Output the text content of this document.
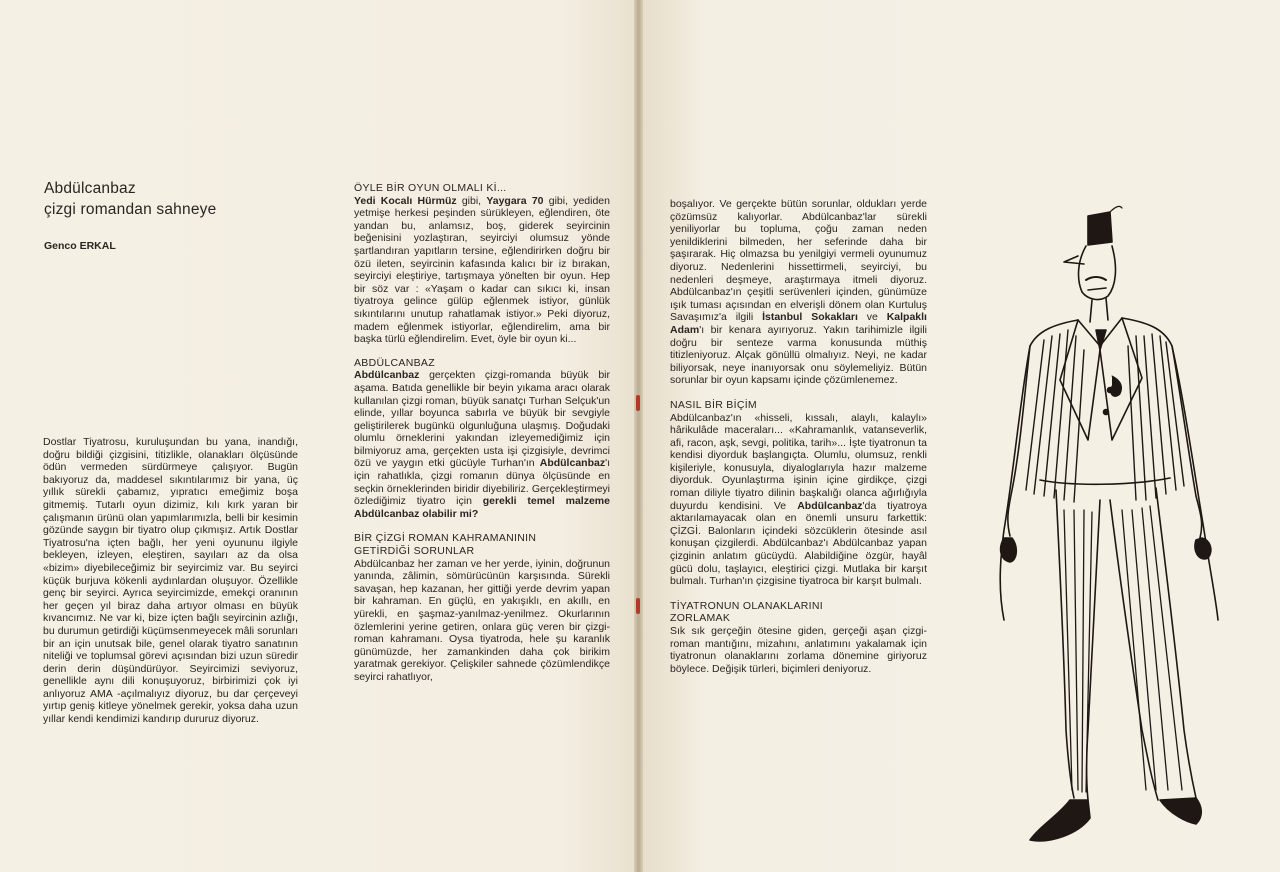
Abdülcanbaz
çizgi romandan sahneye
Genco ERKAL

Dostlar Tiyatrosu, kuruluşundan bu yana, inandığı, doğru bildiği çizgisini, titizlikle, olanakları ölçüsünde ödün vermeden sürdürmeye çalışıyor. Bugün bakıyoruz da, maddesel sıkıntılarımız bir yana, üç yıllık sürekli çabamız, yıpratıcı emeğimiz boşa gitmemiş. Tutarlı oyun dizimiz, kılı kırk yaran bir çalışmanın ürünü olan yapımlarımızla, belli bir kesimin gözünde saygın bir tiyatro olup çıkmışız. Artık Dostlar Tiyatrosu'na içten bağlı, her yeni oyununu ilgiyle bekleyen, izleyen, eleştiren, sayıları az da olsa «bizim» diyebileceğimiz bir seyircimiz var. Bu seyirci küçük burjuva kökenli aydınlardan oluşuyor. Özellikle genç bir seyirci. Ayrıca seyircimizde, emekçi oranının her geçen yıl biraz daha artıyor olması en büyük kıvancımız. Ne var ki, bize içten bağlı seyircinin azlığı, bu durumun getirdiği küçümsenmeyecek mâli sorunları bir an için unutsak bile, genel olarak tiyatro sanatının niteliği ve toplumsal görevi açısından bizi uzun süredir derin derin düşündürüyor. Seyircimizi seviyoruz, genellikle aynı dili konuşuyoruz, birbirimizi çok iyi anlıyoruz AMA -açılmalıyız diyoruz, bu dar çerçeveyi yırtıp geniş kitleye yönelmek gerekir, yoksa daha uzun yıllar kendi kendimizi kandırıp dururuz diyoruz.

ÖYLE BİR OYUN OLMALI Kİ...

Yedi Kocalı Hürmüz gibi, Yaygara 70 gibi, yediden yetmişe herkesi peşinden sürükleyen, eğlendiren, öte yandan bu, anlamsız, boş, giderek seyircinin beğenisini yozlaştıran, seyirciyi olumsuz yönde şartlandıran yapıtların tersine, eğlendirirken doğru bir özü ileten, seyircinin kafasında kalıcı bir iz bırakan, seyirciyi eleştiriye, tartışmaya yönelten bir oyun. Hep bir söz var : «Yaşam o kadar can sıkıcı ki, insan tiyatroya gelince gülüp eğlenmek istiyor, günlük sıkıntılarını unutup rahatlamak istiyor.» Peki diyoruz, madem eğlenmek istiyorlar, eğlendirelim, ama bir başka türlü eğlendirelim. Evet, öyle bir oyun ki...

ABDÜLCANBAZ

Abdülcanbaz gerçekten çizgi-romanda büyük bir aşama. Batıda genellikle bir beyin yıkama aracı olarak kullanılan çizgi roman, büyük sanatçı Turhan Selçuk'un elinde, yıllar boyunca sabırla ve büyük bir sevgiyle geliştirilerek bugünkü olgunluğuna ulaşmış. Doğudaki olumlu örneklerini yakından izleyemediğimiz için bilmiyoruz ama, gerçekten usta işi çizgisiyle, devrimci özü ve yaygın etki gücüyle Turhan'ın Abdülcanbaz'ı için rahatlıkla, çizgi romanın dünya ölçüsünde en seçkin örneklerinden biridir diyebiliriz. Gerçekleştirmeyi özlediğimiz tiyatro için gerekli temel malzeme Abdülcanbaz olabilir mi?

BİR ÇİZGİ ROMAN KAHRAMANININ
GETİRDİĞİ SORUNLAR

Abdülcanbaz her zaman ve her yerde, iyinin, doğrunun yanında, zâlimin, sömürücünün karşısında. Sürekli savaşan, hep kazanan, her gittiği yerde devrim yapan bir kahraman. En güçlü, en yakışıklı, en akıllı, en yürekli, en şaşmaz-yanılmaz-yenilmez. Okurlarının özlemlerini yerine getiren, onlara güç veren bir çizgi-roman kahramanı. Oysa tiyatroda, hele şu karanlık günümüzde, her zamankinden daha çok birikim yaratmak gerekiyor. Çelişkiler sahnede çözümlendikçe seyirci rahatlıyor,

boşalıyor. Ve gerçekte bütün sorunlar, oldukları yerde çözümsüz kalıyorlar. Abdülcanbaz'lar sürekli yeniliyorlar bu topluma, çoğu zaman neden yenildiklerini bilmeden, her seferinde daha bir şaşırarak. Hiç olmazsa bu yenilgiyi vermeli oyunumuz diyoruz. Nedenlerini hissettirmeli, seyirciyi, bu nedenleri deşmeye, araştırmaya itmeli diyoruz. Abdülcanbaz'ın çeşitli serüvenleri içinden, günümüze ışık tuması açısından en elverişli dönem olan Kurtuluş Savaşımız'a ilgili İstanbul Sokakları ve Kalpaklı Adam'ı bir kenara ayırıyoruz. Yakın tarihimizle ilgili doğru bir senteze varma konusunda müthiş titizleniyoruz. Alçak gönüllü olmalıyız. Neyi, ne kadar biliyorsak, neye inanıyorsak onu söylemeliyiz. Bütün sorunlar bir oyun kapsamı içinde çözümlenemez.

NASIL BİR BİÇİM

Abdülcanbaz'ın «hisseli, kıssalı, alaylı, kalaylı» hârikulâde maceraları... «Kahramanlık, vatanseverlik, afi, racon, aşk, sevgi, politika, tarih»... İşte tiyatronun ta kendisi diyorduk başlangıçta. Olumlu, olumsuz, renkli kişileriyle, konusuyla, diyaloglarıyla hazır malzeme diyorduk. Oyunlaştırma işinin içine girdikçe, çizgi roman diliyle tiyatro dilinin başkalığı olanca ağırlığıyla duyurdu kendisini. Ve Abdülcanbaz'da tiyatroya aktarılamayacak olan en önemli unsuru farkettik: ÇİZGİ. Balonların içindeki sözcüklerin ötesinde asıl konuşan çizgilerdi. Abdülcanbaz'ı Abdülcanbaz yapan çizginin anlatım gücüydü. Alabildiğine özgür, hayâl gücü dolu, taşlayıcı, eleştirici çizgi. Mutlaka bir karşıt bulmalı. Turhan'ın çizgisine tiyatroca bir karşıt bulmalı.

TİYATRONUN OLANAKLARINI
ZORLAMAK

Sık sık gerçeğin ötesine giden, gerçeği aşan çizgi-roman mantığını, mizahını, anlatımını yakalamak için tiyatronun olanaklarını zorlama dönemine giriyoruz böylece. Değişik türleri, biçimleri deniyoruz.
